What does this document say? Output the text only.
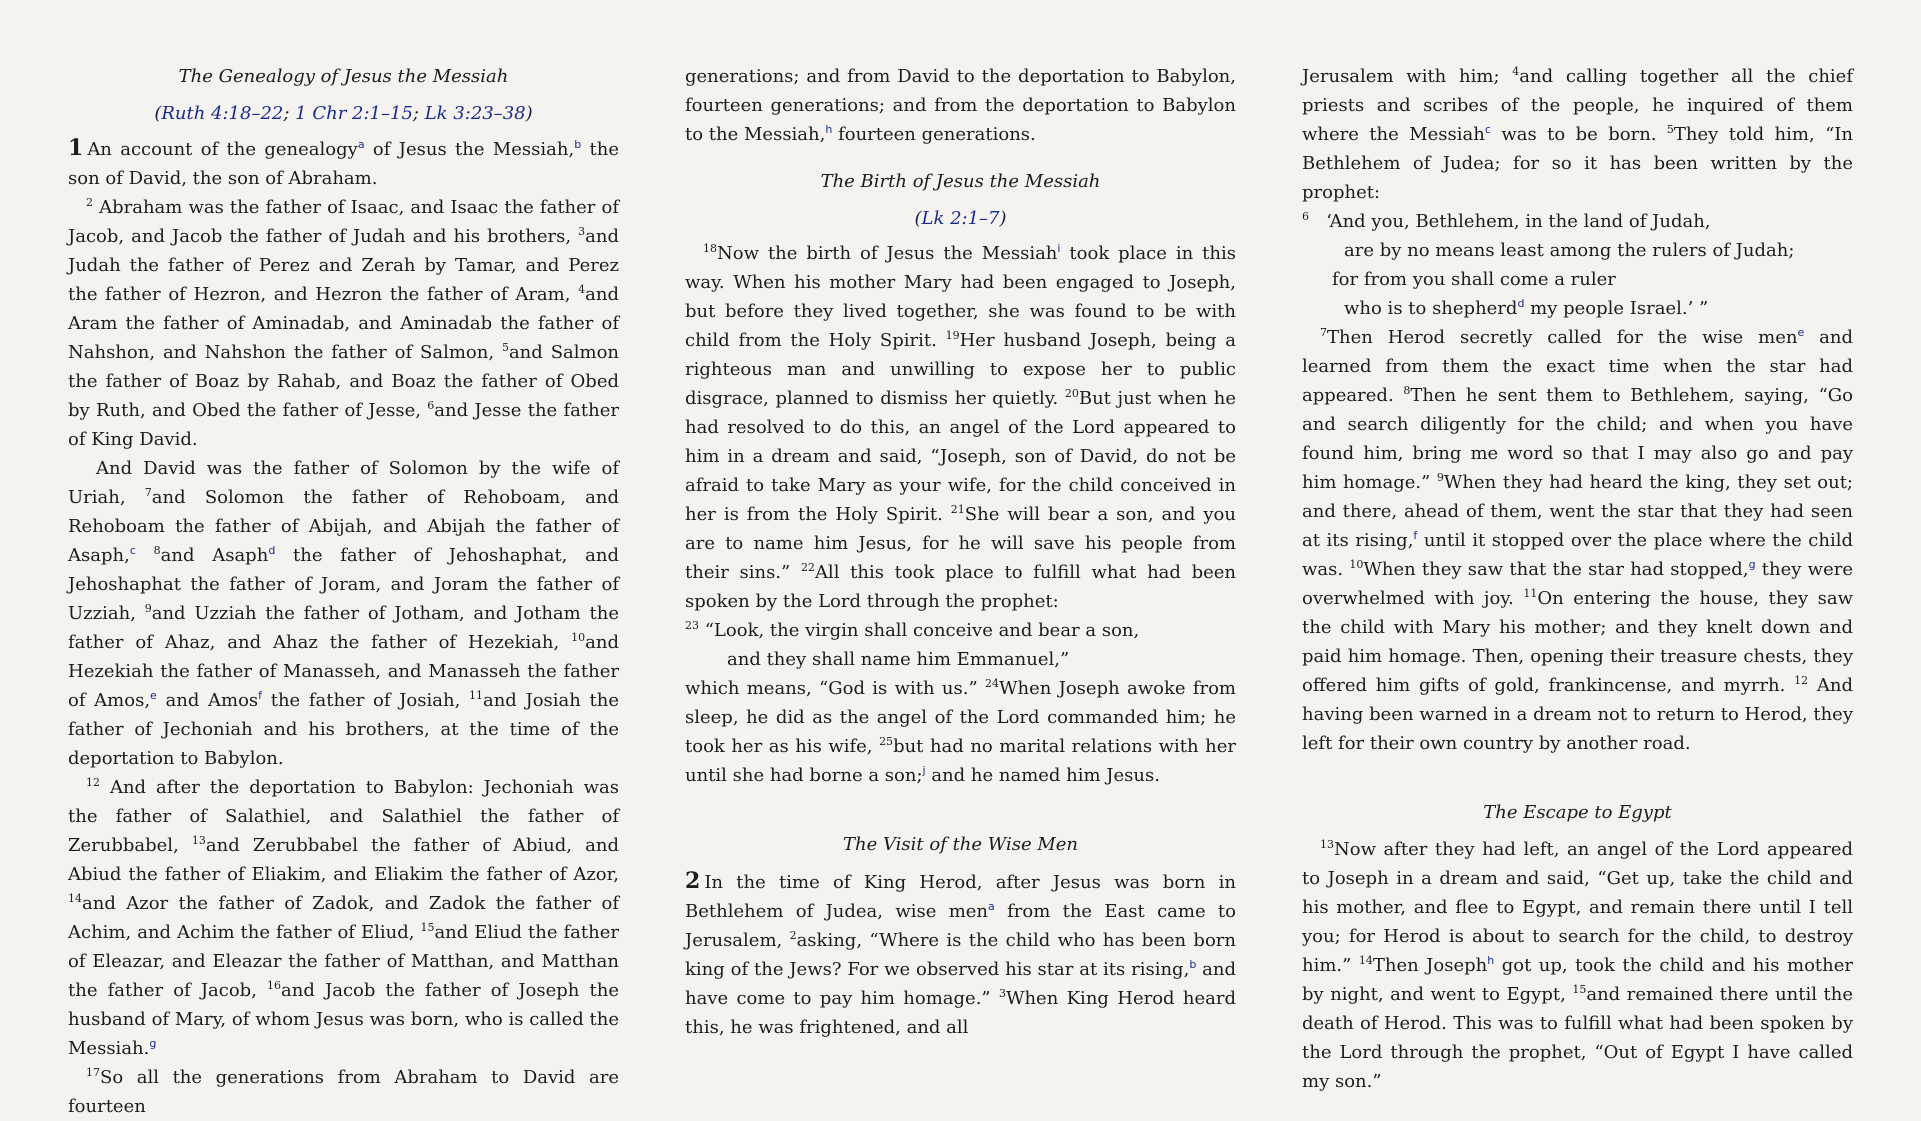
The Genealogy of Jesus the Messiah
(Ruth 4:18–22; 1 Chr 2:1–15; Lk 3:23–38)

1 An account of the genealogy$^a$ of Jesus the Messiah,$^b$ the son of David, the son of Abraham.

$^2$ Abraham was the father of Isaac, and Isaac the father of Jacob, and Jacob the father of Judah and his brothers, $^3$and Judah the father of Perez and Zerah by Tamar, and Perez the father of Hezron, and Hezron the father of Aram, $^4$and Aram the father of Aminadab, and Aminadab the father of Nahshon, and Nahshon the father of Salmon, $^5$and Salmon the father of Boaz by Rahab, and Boaz the father of Obed by Ruth, and Obed the father of Jesse, $^6$and Jesse the father of King David.

And David was the father of Solomon by the wife of Uriah, $^7$and Solomon the father of Rehoboam, and Rehoboam the father of Abijah, and Abijah the father of Asaph,$^c$ $^8$and Asaph$^d$ the father of Jehoshaphat, and Jehoshaphat the father of Joram, and Joram the father of Uzziah, $^9$and Uzziah the father of Jotham, and Jotham the father of Ahaz, and Ahaz the father of Hezekiah, $^{10}$and Hezekiah the father of Manasseh, and Manasseh the father of Amos,$^e$ and Amos$^f$ the father of Josiah, $^{11}$and Josiah the father of Jechoniah and his brothers, at the time of the deportation to Babylon.

$^{12}$ And after the deportation to Babylon: Jechoniah was the father of Salathiel, and Salathiel the father of Zerubbabel, $^{13}$and Zerubbabel the father of Abiud, and Abiud the father of Eliakim, and Eliakim the father of Azor, $^{14}$and Azor the father of Zadok, and Zadok the father of Achim, and Achim the father of Eliud, $^{15}$and Eliud the father of Eleazar, and Eleazar the father of Matthan, and Matthan the father of Jacob, $^{16}$and Jacob the father of Joseph the husband of Mary, of whom Jesus was born, who is called the Messiah.$^g$

$^{17}$So all the generations from Abraham to David are fourteen

generations; and from David to the deportation to Babylon, fourteen generations; and from the deportation to Babylon to the Messiah,$^h$ fourteen generations.

The Birth of Jesus the Messiah
(Lk 2:1–7)

$^{18}$Now the birth of Jesus the Messiah$^i$ took place in this way. When his mother Mary had been engaged to Joseph, but before they lived together, she was found to be with child from the Holy Spirit. $^{19}$Her husband Joseph, being a righteous man and unwilling to expose her to public disgrace, planned to dismiss her quietly. $^{20}$But just when he had resolved to do this, an angel of the Lord appeared to him in a dream and said, “Joseph, son of David, do not be afraid to take Mary as your wife, for the child conceived in her is from the Holy Spirit. $^{21}$She will bear a son, and you are to name him Jesus, for he will save his people from their sins.” $^{22}$All this took place to fulfill what had been spoken by the Lord through the prophet:

$^{23}$ “Look, the virgin shall conceive and bear a son,
and they shall name him Emmanuel,”

which means, “God is with us.” $^{24}$When Joseph awoke from sleep, he did as the angel of the Lord commanded him; he took her as his wife, $^{25}$but had no marital relations with her until she had borne a son;$^j$ and he named him Jesus.

The Visit of the Wise Men

2 In the time of King Herod, after Jesus was born in Bethlehem of Judea, wise men$^a$ from the East came to Jerusalem, $^2$asking, “Where is the child who has been born king of the Jews? For we observed his star at its rising,$^b$ and have come to pay him homage.” $^3$When King Herod heard this, he was frightened, and all

Jerusalem with him; $^4$and calling together all the chief priests and scribes of the people, he inquired of them where the Messiah$^c$ was to be born. $^5$They told him, “In Bethlehem of Judea; for so it has been written by the prophet:

$^6$ ‘And you, Bethlehem, in the land of Judah,
are by no means least among the rulers of Judah;
for from you shall come a ruler
who is to shepherd$^d$ my people Israel.’ ”

$^7$Then Herod secretly called for the wise men$^e$ and learned from them the exact time when the star had appeared. $^8$Then he sent them to Bethlehem, saying, “Go and search diligently for the child; and when you have found him, bring me word so that I may also go and pay him homage.” $^9$When they had heard the king, they set out; and there, ahead of them, went the star that they had seen at its rising,$^f$ until it stopped over the place where the child was. $^{10}$When they saw that the star had stopped,$^g$ they were overwhelmed with joy. $^{11}$On entering the house, they saw the child with Mary his mother; and they knelt down and paid him homage. Then, opening their treasure chests, they offered him gifts of gold, frankincense, and myrrh. $^{12}$ And having been warned in a dream not to return to Herod, they left for their own country by another road.

The Escape to Egypt

$^{13}$Now after they had left, an angel of the Lord appeared to Joseph in a dream and said, “Get up, take the child and his mother, and flee to Egypt, and remain there until I tell you; for Herod is about to search for the child, to destroy him.” $^{14}$Then Joseph$^h$ got up, took the child and his mother by night, and went to Egypt, $^{15}$and remained there until the death of Herod. This was to fulfill what had been spoken by the Lord through the prophet, “Out of Egypt I have called my son.”
